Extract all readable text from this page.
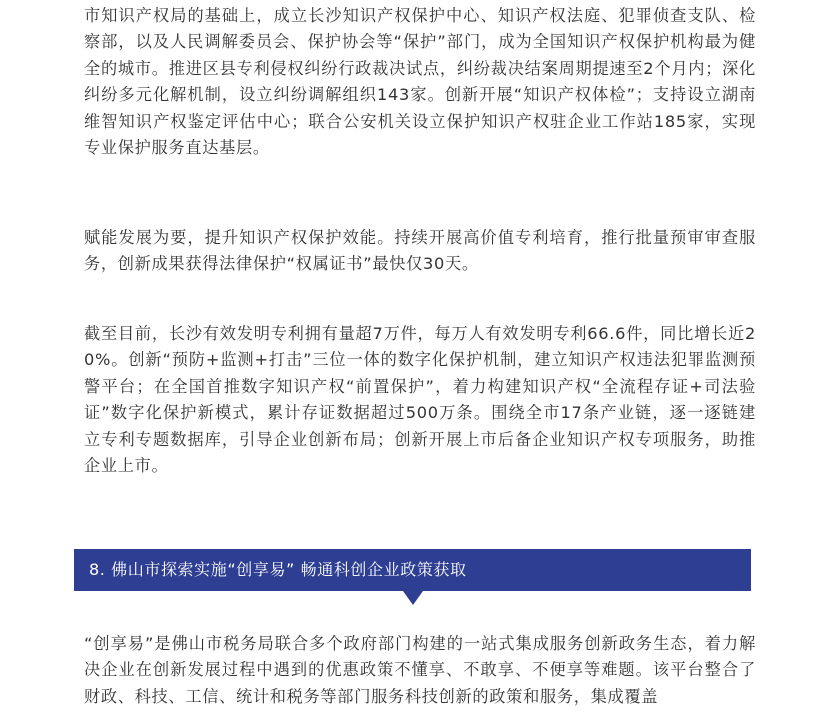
市知识产权局的基础上，成立长沙知识产权保护中心、知识产权法庭、犯罪侦查支队、检察部，以及人民调解委员会、保护协会等“保护”部门，成为全国知识产权保护机构最为健全的城市。推进区县专利侵权纠纷行政裁决试点，纠纷裁决结案周期提速至2个月内；深化纠纷多元化解机制，设立纠纷调解组织143家。创新开展“知识产权体检”；支持设立湖南维智知识产权鉴定评估中心；联合公安机关设立保护知识产权驻企业工作站185家，实现专业保护服务直达基层。

赋能发展为要，提升知识产权保护效能。持续开展高价值专利培育，推行批量预审审查服务，创新成果获得法律保护“权属证书”最快仅30天。

截至目前，长沙有效发明专利拥有量超7万件，每万人有效发明专利66.6件，同比增长近20%。创新“预防+监测+打击”三位一体的数字化保护机制，建立知识产权违法犯罪监测预警平台；在全国首推数字知识产权“前置保护”，着力构建知识产权“全流程存证+司法验证”数字化保护新模式，累计存证数据超过500万条。围绕全市17条产业链，逐一逐链建立专利专题数据库，引导企业创新布局；创新开展上市后备企业知识产权专项服务，助推企业上市。

“创享易”是佛山市税务局联合多个政府部门构建的一站式集成服务创新政务生态，着力解决企业在创新发展过程中遇到的优惠政策不懂享、不敢享、不便享等难题。该平台整合了财政、科技、工信、统计和税务等部门服务科技创新的政策和服务，集成覆盖

8. 佛山市探索实施“创享易” 畅通科创企业政策获取
